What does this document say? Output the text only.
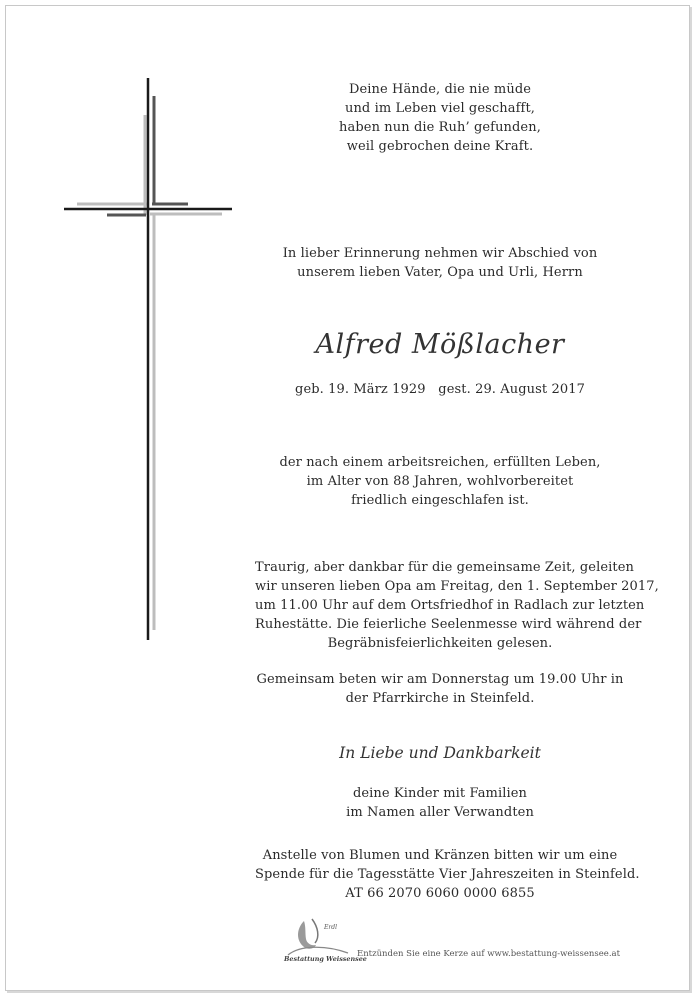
Deine Hände, die nie müde
und im Leben viel geschafft,
haben nun die Ruh’ gefunden,
weil gebrochen deine Kraft.
In lieber Erinnerung nehmen wir Abschied von
unserem lieben Vater, Opa und Urli, Herrn
Alfred Mößlacher
geb. 19. März 1929   gest. 29. August 2017
der nach einem arbeitsreichen, erfüllten Leben,
im Alter von 88 Jahren, wohlvorbereitet
friedlich eingeschlafen ist.
Traurig, aber dankbar für die gemeinsame Zeit, geleiten
wir unseren lieben Opa am Freitag, den 1. September 2017,
um 11.00 Uhr auf dem Ortsfriedhof in Radlach zur letzten
Ruhestätte. Die feierliche Seelenmesse wird während der
Begräbnisfeierlichkeiten gelesen.
Gemeinsam beten wir am Donnerstag um 19.00 Uhr in
der Pfarrkirche in Steinfeld.
In Liebe und Dankbarkeit
deine Kinder mit Familien
im Namen aller Verwandten
Anstelle von Blumen und Kränzen bitten wir um eine
Spende für die Tagesstätte Vier Jahreszeiten in Steinfeld.
AT 66 2070 6060 0000 6855
Erdl
Bestattung Weissensee
Entzünden Sie eine Kerze auf www.bestattung-weissensee.at
